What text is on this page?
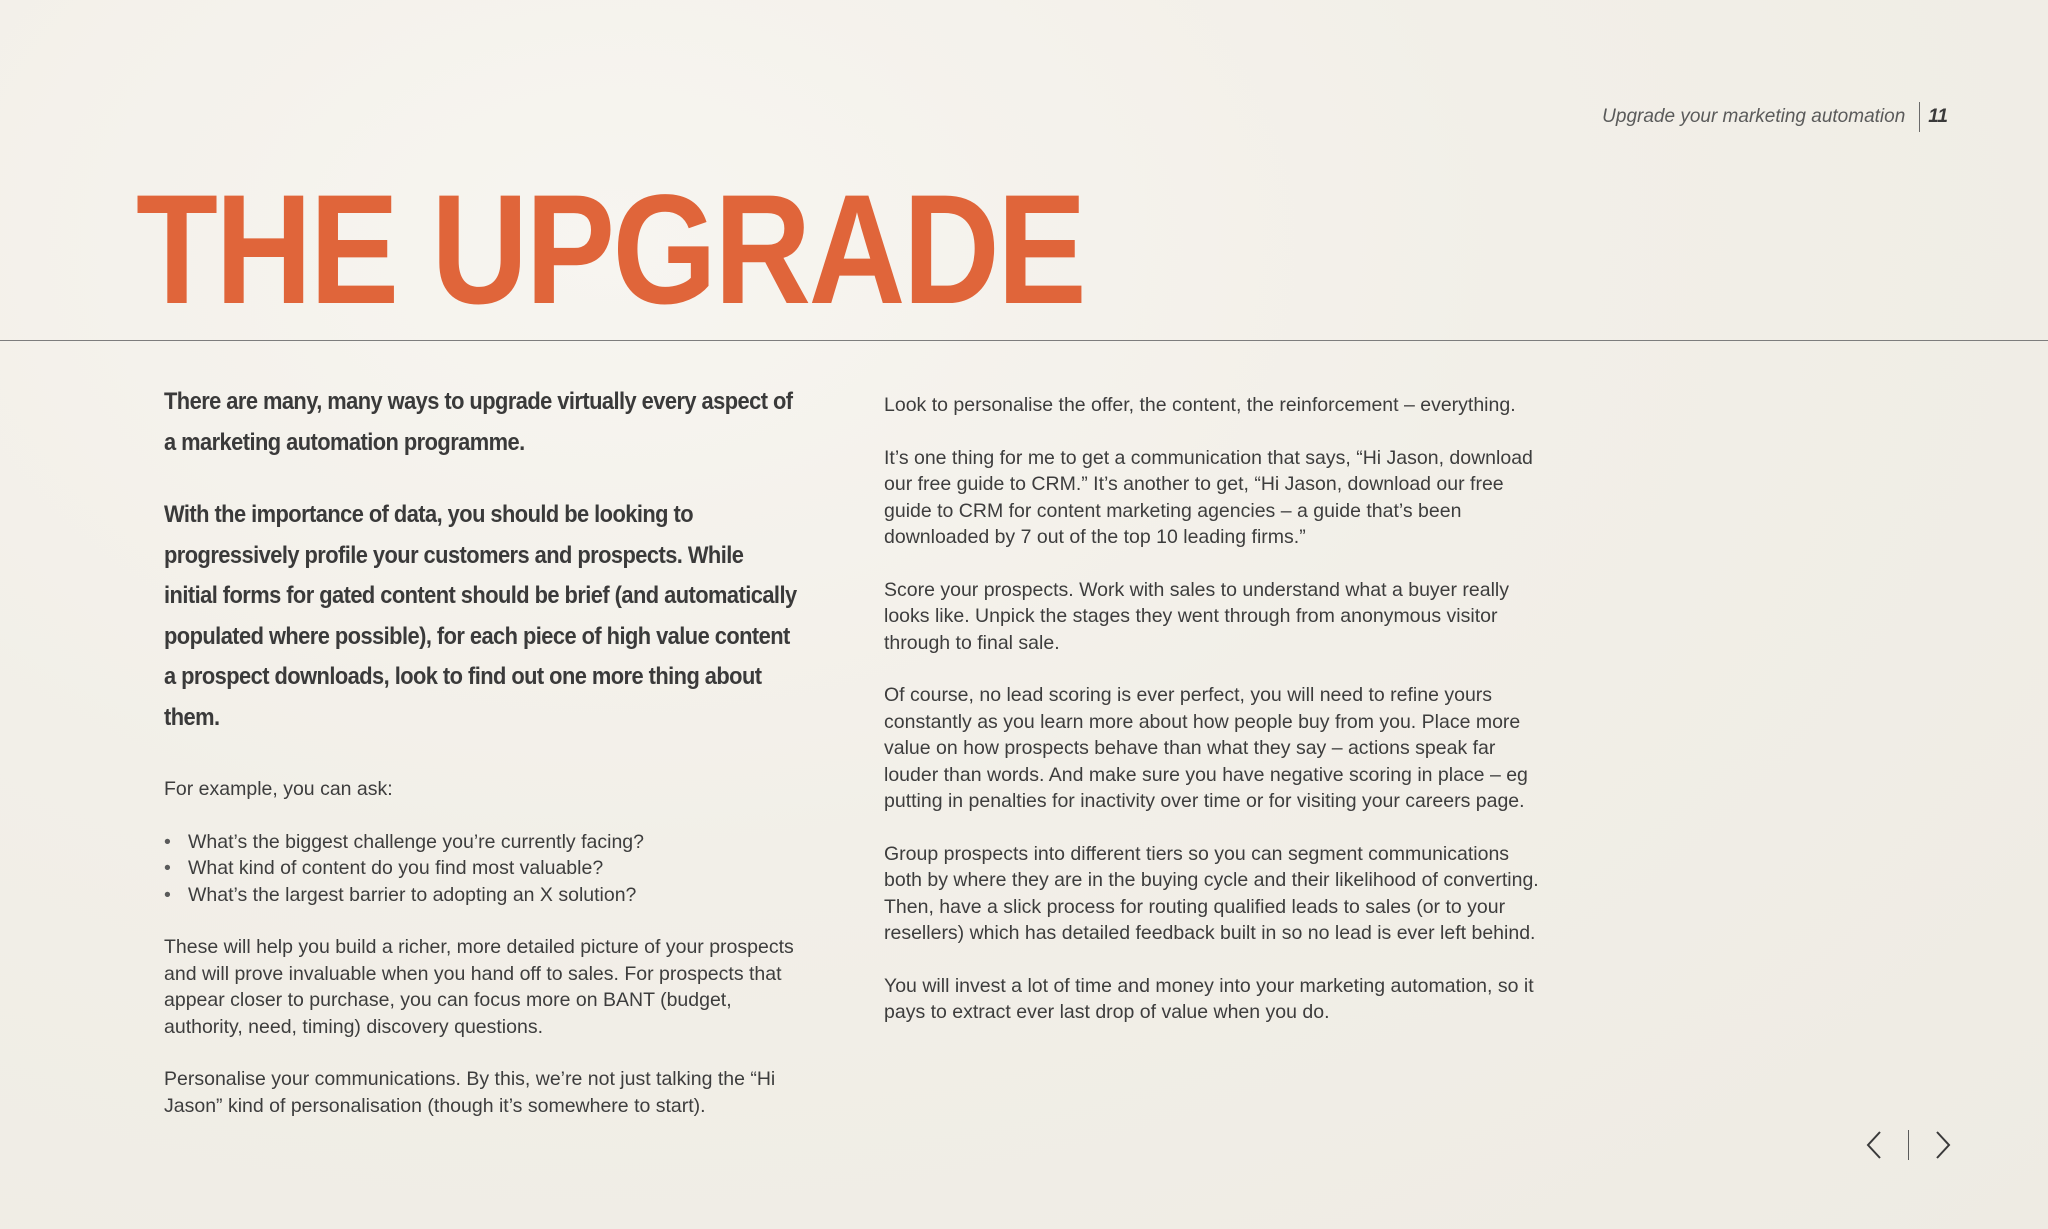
Upgrade your marketing automation	11
THE UPGRADE

There are many, many ways to upgrade virtually every aspect of a marketing automation programme.

With the importance of data, you should be looking to progressively profile your customers and prospects. While initial forms for gated content should be brief (and automatically populated where possible), for each piece of high value content a prospect downloads, look to find out one more thing about them.

For example, you can ask:

• What’s the biggest challenge you’re currently facing?
• What kind of content do you find most valuable?
• What’s the largest barrier to adopting an X solution?

These will help you build a richer, more detailed picture of your prospects and will prove invaluable when you hand off to sales. For prospects that appear closer to purchase, you can focus more on BANT (budget, authority, need, timing) discovery questions.

Personalise your communications. By this, we’re not just talking the “Hi Jason” kind of personalisation (though it’s somewhere to start).

Look to personalise the offer, the content, the reinforcement – everything.

It’s one thing for me to get a communication that says, “Hi Jason, download our free guide to CRM.” It’s another to get, “Hi Jason, download our free guide to CRM for content marketing agencies – a guide that’s been downloaded by 7 out of the top 10 leading firms.”

Score your prospects. Work with sales to understand what a buyer really looks like. Unpick the stages they went through from anonymous visitor through to final sale.

Of course, no lead scoring is ever perfect, you will need to refine yours constantly as you learn more about how people buy from you. Place more value on how prospects behave than what they say – actions speak far louder than words. And make sure you have negative scoring in place – eg putting in penalties for inactivity over time or for visiting your careers page.

Group prospects into different tiers so you can segment communications both by where they are in the buying cycle and their likelihood of converting. Then, have a slick process for routing qualified leads to sales (or to your resellers) which has detailed feedback built in so no lead is ever left behind.

You will invest a lot of time and money into your marketing automation, so it pays to extract ever last drop of value when you do.
